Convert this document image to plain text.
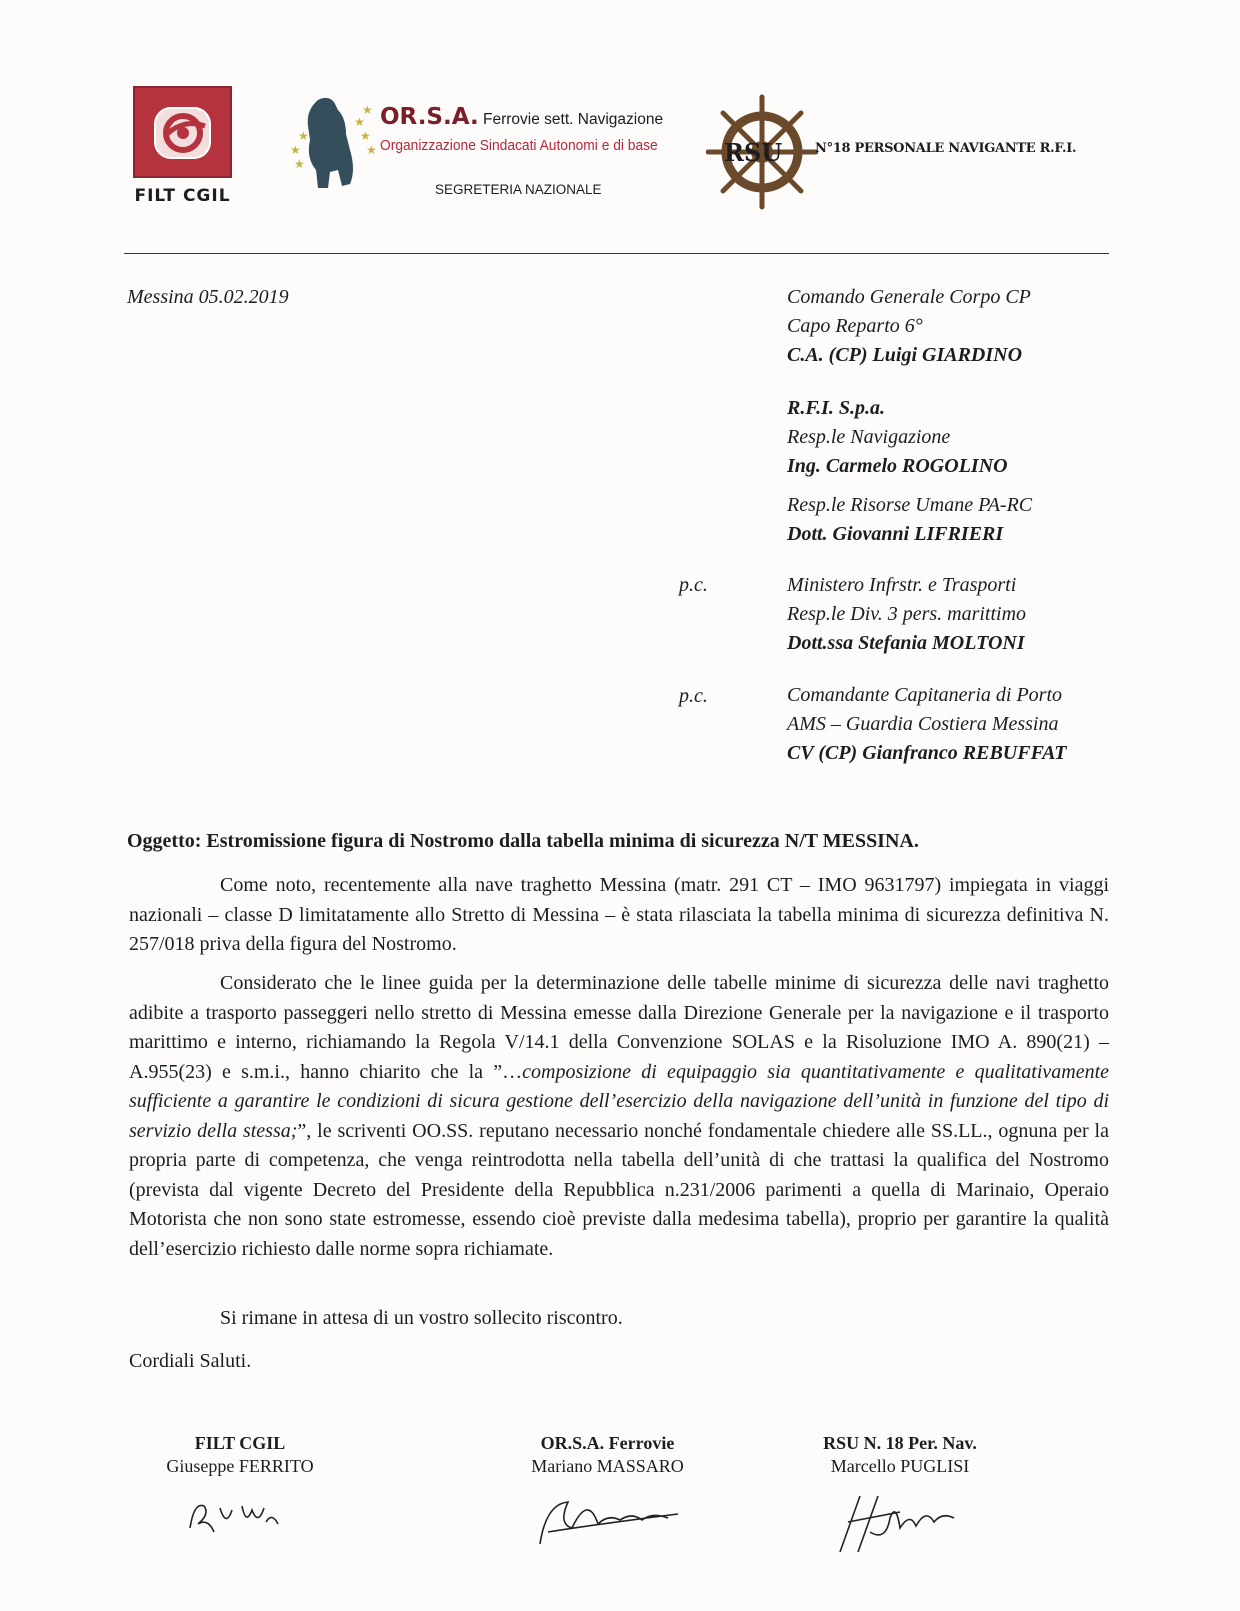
FILT CGIL
★
★
★
★
★
★
★
OR.S.A. Ferrovie sett. Navigazione
Organizzazione Sindacati Autonomi e di base
SEGRETERIA NAZIONALE
RSU	N°18 PERSONALE NAVIGANTE R.F.I.
Messina 05.02.2019	Comando Generale Corpo CP
Capo Reparto 6°
C.A. (CP) Luigi GIARDINO
R.F.I. S.p.a.
Resp.le Navigazione
Ing. Carmelo ROGOLINO
Resp.le Risorse Umane PA-RC
Dott. Giovanni LIFRIERI
p.c.	Ministero Infrstr. e Trasporti
Resp.le Div. 3 pers. marittimo
Dott.ssa Stefania MOLTONI
p.c.	Comandante Capitaneria di Porto
AMS – Guardia Costiera Messina
CV (CP) Gianfranco REBUFFAT
Oggetto: Estromissione figura di Nostromo dalla tabella minima di sicurezza N/T MESSINA.
Come noto, recentemente alla nave traghetto Messina (matr. 291 CT – IMO 9631797) impiegata in viaggi nazionali – classe D limitatamente allo Stretto di Messina – è stata rilasciata la tabella minima di sicurezza definitiva N. 257/018 priva della figura del Nostromo.
Considerato che le linee guida per la determinazione delle tabelle minime di sicurezza delle navi traghetto adibite a trasporto passeggeri nello stretto di Messina emesse dalla Direzione Generale per la navigazione e il trasporto marittimo e interno, richiamando la Regola V/14.1 della Convenzione SOLAS e la Risoluzione IMO A. 890(21) – A.955(23) e s.m.i., hanno chiarito che la ”…composizione di equipaggio sia quantitativamente e qualitativamente sufficiente a garantire le condizioni di sicura gestione dell’esercizio della navigazione dell’unità in funzione del tipo di servizio della stessa;”, le scriventi OO.SS. reputano necessario nonché fondamentale chiedere alle SS.LL., ognuna per la propria parte di competenza, che venga reintrodotta nella tabella dell’unità di che trattasi la qualifica del Nostromo (prevista dal vigente Decreto del Presidente della Repubblica n.231/2006 parimenti a quella di Marinaio, Operaio Motorista che non sono state estromesse, essendo cioè previste dalla medesima tabella), proprio per garantire la qualità dell’esercizio richiesto dalle norme sopra richiamate.
Si rimane in attesa di un vostro sollecito riscontro.
Cordiali Saluti.
FILT CGIL
Giuseppe FERRITO
OR.S.A. Ferrovie
Mariano MASSARO
RSU N. 18 Per. Nav.
Marcello PUGLISI
